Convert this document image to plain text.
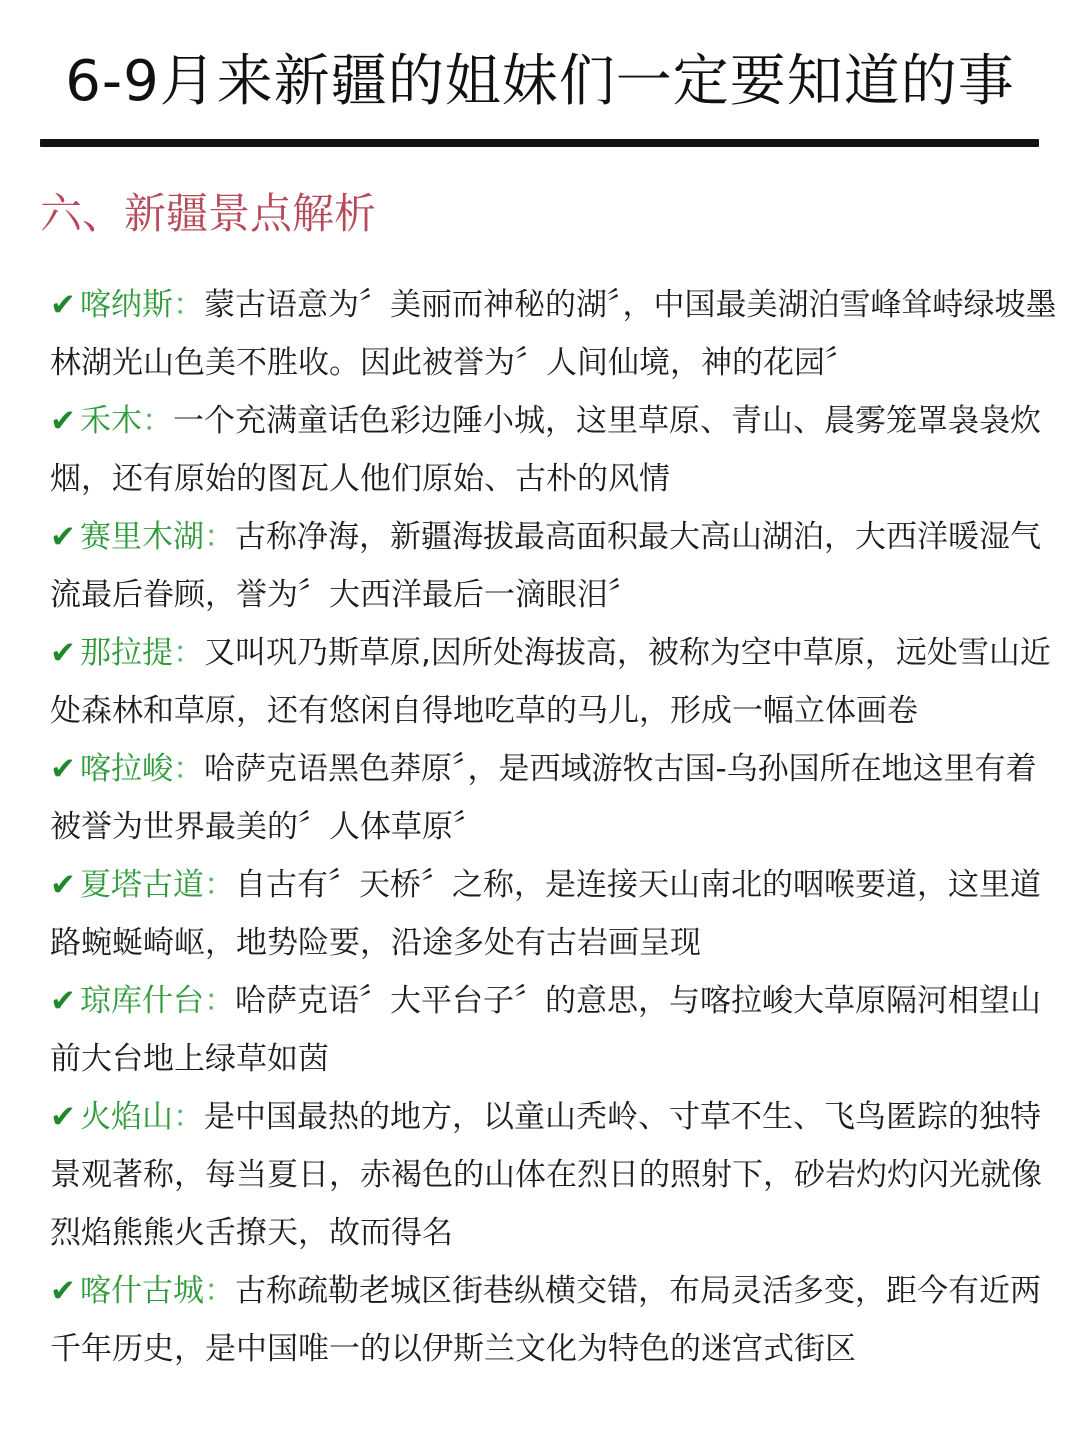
6-9月来新疆的姐妹们一定要知道的事
六、新疆景点解析

✔ 喀纳斯：蒙古语意为〞美丽而神秘的湖〞，中国最美湖泊雪峰耸峙绿坡墨林湖光山色美不胜收。因此被誉为〞人间仙境，神的花园〞

✔ 禾木：一个充满童话色彩边陲小城，这里草原、青山、晨雾笼罩袅袅炊烟，还有原始的图瓦人他们原始、古朴的风情

✔ 赛里木湖：古称净海，新疆海拔最高面积最大高山湖泊，大西洋暖湿气流最后眷顾，誉为〞大西洋最后一滴眼泪〞

✔ 那拉提：又叫巩乃斯草原,因所处海拔高，被称为空中草原，远处雪山近处森林和草原，还有悠闲自得地吃草的马儿，形成一幅立体画卷

✔ 喀拉峻：哈萨克语黑色莽原〞，是西域游牧古国-乌孙国所在地这里有着被誉为世界最美的〞人体草原〞

✔ 夏塔古道：自古有〞天桥〞之称，是连接天山南北的咽喉要道，这里道路蜿蜒崎岖，地势险要，沿途多处有古岩画呈现

✔ 琼库什台：哈萨克语〞大平台子〞的意思，与喀拉峻大草原隔河相望山前大台地上绿草如茵

✔ 火焰山：是中国最热的地方，以童山秃岭、寸草不生、飞鸟匿踪的独特景观著称，每当夏日，赤褐色的山体在烈日的照射下，砂岩灼灼闪光就像烈焰熊熊火舌撩天，故而得名

✔ 喀什古城：古称疏勒老城区街巷纵横交错，布局灵活多变，距今有近两千年历史，是中国唯一的以伊斯兰文化为特色的迷宫式街区
